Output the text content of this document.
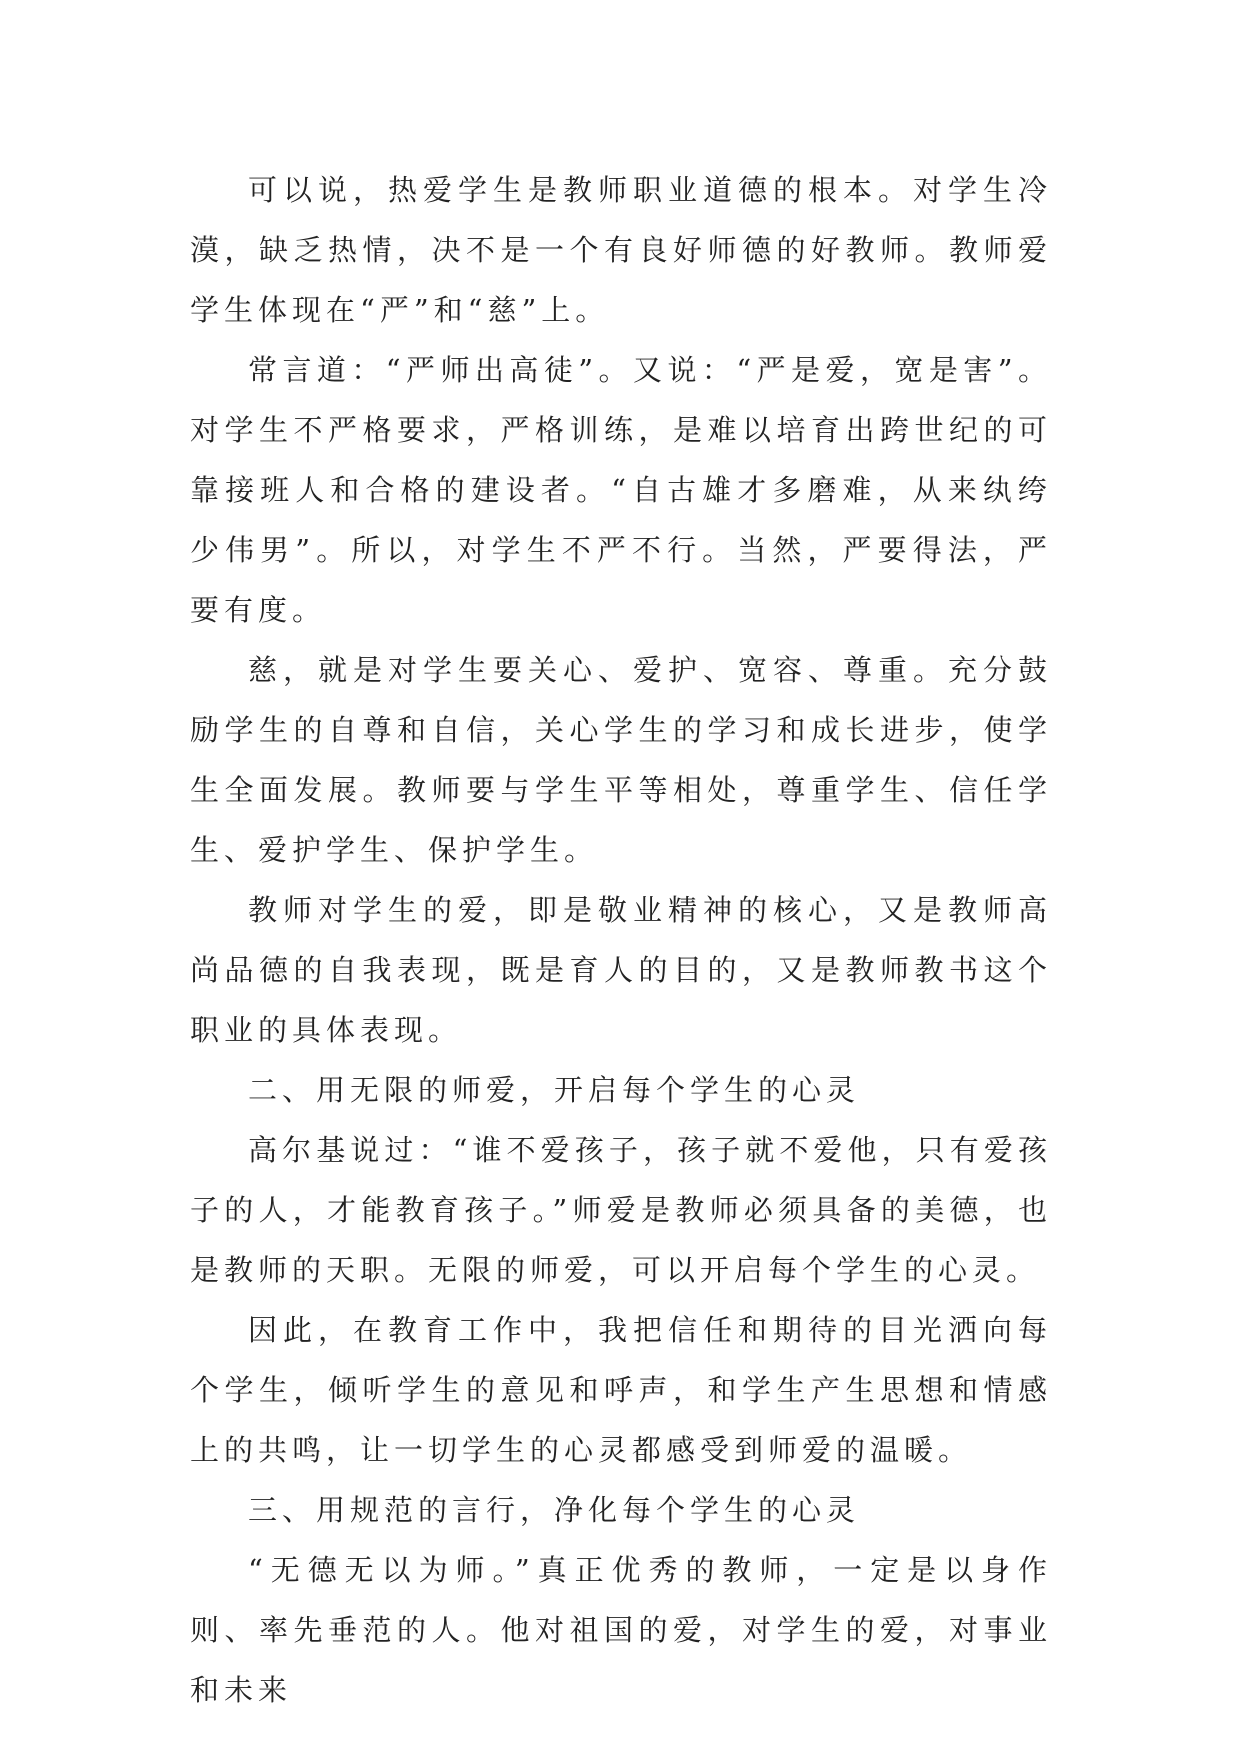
可以说，热爱学生是教师职业道德的根本。对学生冷漠，缺乏热情，决不是一个有良好师德的好教师。教师爱学生体现在“严”和“慈”上。

常言道：“严师出高徒”。又说：“严是爱，宽是害”。对学生不严格要求，严格训练，是难以培育出跨世纪的可靠接班人和合格的建设者。“自古雄才多磨难，从来纨绔少伟男”。所以，对学生不严不行。当然，严要得法，严要有度。

慈，就是对学生要关心、爱护、宽容、尊重。充分鼓励学生的自尊和自信，关心学生的学习和成长进步，使学生全面发展。教师要与学生平等相处，尊重学生、信任学生、爱护学生、保护学生。

教师对学生的爱，即是敬业精神的核心，又是教师高尚品德的自我表现，既是育人的目的，又是教师教书这个职业的具体表现。

二、用无限的师爱，开启每个学生的心灵

高尔基说过：“谁不爱孩子，孩子就不爱他，只有爱孩子的人，才能教育孩子。”师爱是教师必须具备的美德，也是教师的天职。无限的师爱，可以开启每个学生的心灵。

因此，在教育工作中，我把信任和期待的目光洒向每个学生，倾听学生的意见和呼声，和学生产生思想和情感上的共鸣，让一切学生的心灵都感受到师爱的温暖。

三、用规范的言行，净化每个学生的心灵

“无德无以为师。”真正优秀的教师，一定是以身作则、率先垂范的人。他对祖国的爱，对学生的爱，对事业和未来
